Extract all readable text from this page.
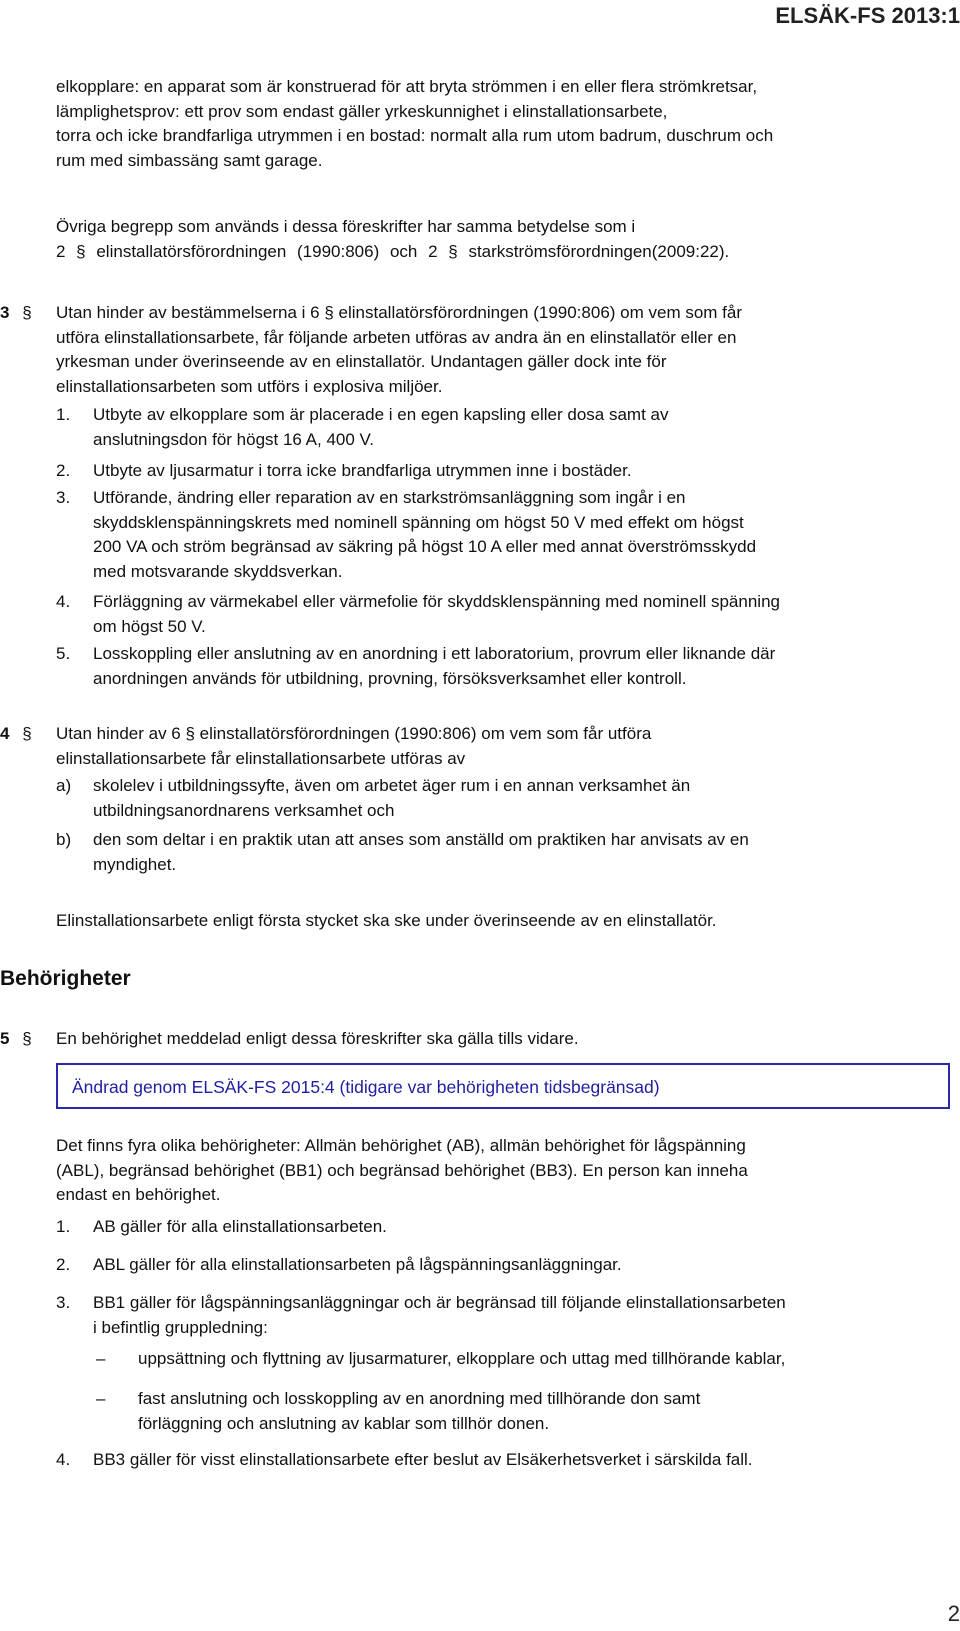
ELSÄK-FS 2013:1

elkopplare: en apparat som är konstruerad för att bryta strömmen i en eller flera strömkretsar,

lämplighetsprov: ett prov som endast gäller yrkeskunnighet i elinstallationsarbete,

torra och icke brandfarliga utrymmen i en bostad: normalt alla rum utom badrum, duschrum och

rum med simbassäng samt garage.

Övriga begrepp som används i dessa föreskrifter har samma betydelse som i

2 § elinstallatörsförordningen (1990:806) och 2 § starkströmsförordningen(2009:22).

3 § Utan hinder av bestämmelserna i 6 § elinstallatörsförordningen (1990:806) om vem som får

utföra elinstallationsarbete, får följande arbeten utföras av andra än en elinstallatör eller en

yrkesman under överinseende av en elinstallatör. Undantagen gäller dock inte för

elinstallationsarbeten som utförs i explosiva miljöer.

1. Utbyte av elkopplare som är placerade i en egen kapsling eller dosa samt av
anslutningsdon för högst 16 A, 400 V.
2. Utbyte av ljusarmatur i torra icke brandfarliga utrymmen inne i bostäder.
3. Utförande, ändring eller reparation av en starkströmsanläggning som ingår i en
skyddsklenspänningskrets med nominell spänning om högst 50 V med effekt om högst
200 VA och ström begränsad av säkring på högst 10 A eller med annat överströmsskydd
med motsvarande skyddsverkan.
4. Förläggning av värmekabel eller värmefolie för skyddsklenspänning med nominell spänning
om högst 50 V.
5. Losskoppling eller anslutning av en anordning i ett laboratorium, provrum eller liknande där
anordningen används för utbildning, provning, försöksverksamhet eller kontroll.
4 § Utan hinder av 6 § elinstallatörsförordningen (1990:806) om vem som får utföra

elinstallationsarbete får elinstallationsarbete utföras av

a) skolelev i utbildningssyfte, även om arbetet äger rum i en annan verksamhet än
utbildningsanordnarens verksamhet och
b) den som deltar i en praktik utan att anses som anställd om praktiken har anvisats av en
myndighet.
Elinstallationsarbete enligt första stycket ska ske under överinseende av en elinstallatör.
Behörigheter
5 § En behörighet meddelad enligt dessa föreskrifter ska gälla tills vidare.
Ändrad genom ELSÄK-FS 2015:4 (tidigare var behörigheten tidsbegränsad)

Det finns fyra olika behörigheter: Allmän behörighet (AB), allmän behörighet för lågspänning

(ABL), begränsad behörighet (BB1) och begränsad behörighet (BB3). En person kan inneha

endast en behörighet.

1. AB gäller för alla elinstallationsarbeten.
2. ABL gäller för alla elinstallationsarbeten på lågspänningsanläggningar.
3. BB1 gäller för lågspänningsanläggningar och är begränsad till följande elinstallationsarbeten
i befintlig gruppledning:
– uppsättning och flyttning av ljusarmaturer, elkopplare och uttag med tillhörande kablar,
– fast anslutning och losskoppling av en anordning med tillhörande don samt
förläggning och anslutning av kablar som tillhör donen.
4. BB3 gäller för visst elinstallationsarbete efter beslut av Elsäkerhetsverket i särskilda fall.
2
